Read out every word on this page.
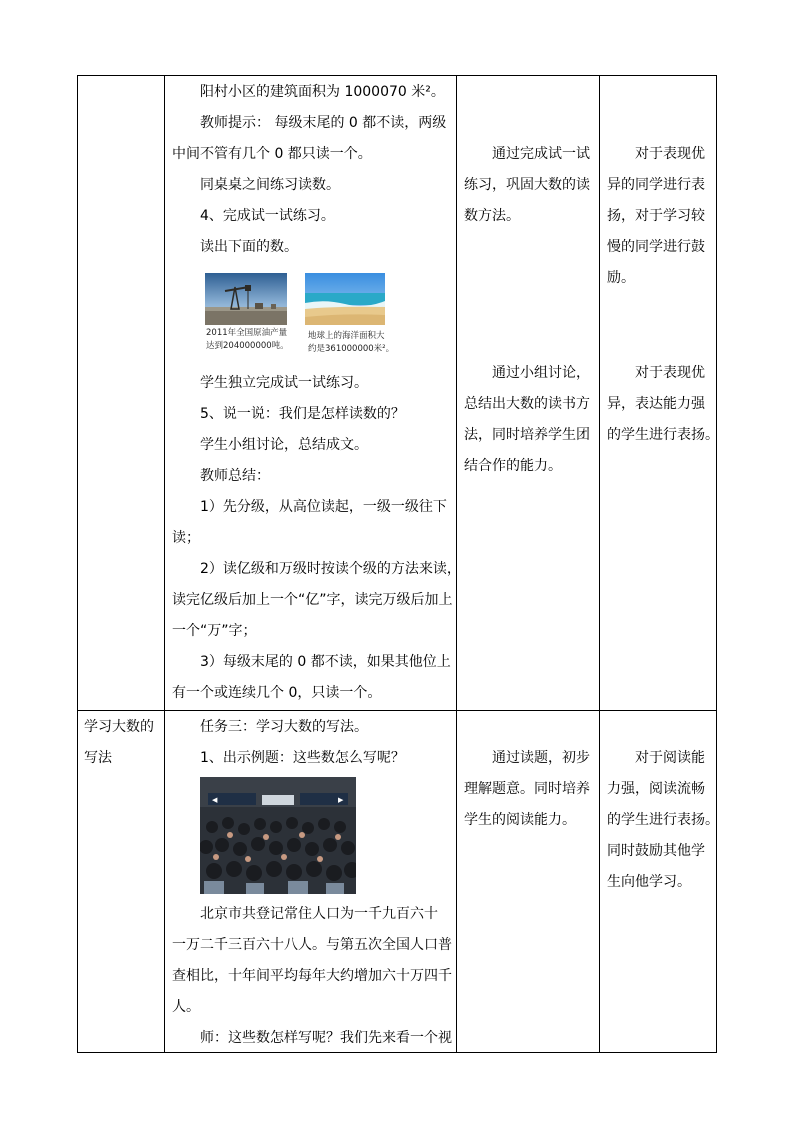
阳村小区的建筑面积为 1000070 米²。
教师提示： 每级末尾的 0 都不读，两级
中间不管有几个 0 都只读一个。
同桌桌之间练习读数。
4、完成试一试练习。
读出下面的数。
2011年全国原油产量
达到204000000吨。
地球上的海洋面积大
约是361000000米²。
学生独立完成试一试练习。
5、说一说：我们是怎样读数的？
学生小组讨论，总结成文。
教师总结：
1）先分级，从高位读起，一级一级往下
读；
2）读亿级和万级时按读个级的方法来读，
读完亿级后加上一个“亿”字，读完万级后加上
一个“万”字；
3）每级末尾的 0 都不读，如果其他位上
有一个或连续几个 0，只读一个。
通过完成试一试
练习，巩固大数的读
数方法。
通过小组讨论，
总结出大数的读书方
法，同时培养学生团
结合作的能力。
对于表现优
异的同学进行表
扬，对于学习较
慢的同学进行鼓
励。
对于表现优
异，表达能力强
的学生进行表扬。
学习大数的
写法
任务三：学习大数的写法。
1、出示例题：这些数怎么写呢？
◀	▶
北京市共登记常住人口为一千九百六十
一万二千三百六十八人。与第五次全国人口普
查相比，十年间平均每年大约增加六十万四千
人。
师：这些数怎样写呢？我们先来看一个视
通过读题，初步
理解题意。同时培养
学生的阅读能力。
对于阅读能
力强，阅读流畅
的学生进行表扬。
同时鼓励其他学
生向他学习。
